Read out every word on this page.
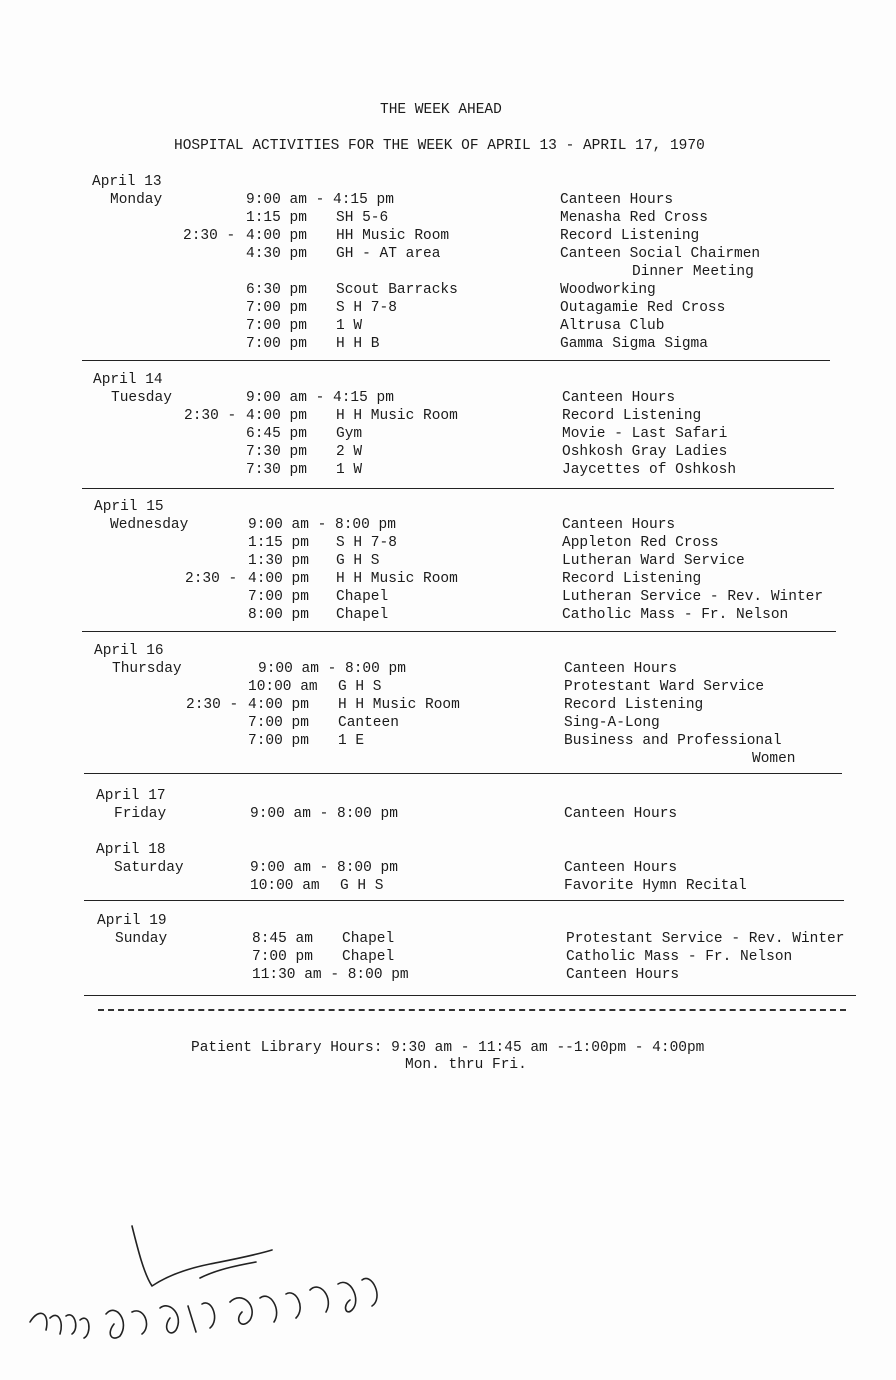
THE WEEK AHEAD
HOSPITAL ACTIVITIES FOR THE WEEK OF APRIL 13 - APRIL 17, 1970
April 13
Monday	9:00 am - 4:15 pm	Canteen Hours
1:15 pm SH 5-6	Menasha Red Cross
2:30 - 4:00 pm HH Music Room	Record Listening
4:30 pm GH - AT area	Canteen Social Chairmen
Dinner Meeting
6:30 pm Scout Barracks	Woodworking
7:00 pm S H 7-8	Outagamie Red Cross
7:00 pm 1 W	Altrusa Club
7:00 pm H H B	Gamma Sigma Sigma
April 14
Tuesday	9:00 am - 4:15 pm	Canteen Hours
2:30 - 4:00 pm H H Music Room	Record Listening
6:45 pm Gym	Movie - Last Safari
7:30 pm 2 W	Oshkosh Gray Ladies
7:30 pm 1 W	Jaycettes of Oshkosh
April 15
Wednesday	9:00 am - 8:00 pm	Canteen Hours
1:15 pm S H 7-8	Appleton Red Cross
1:30 pm G H S	Lutheran Ward Service
2:30 - 4:00 pm H H Music Room	Record Listening
7:00 pm Chapel	Lutheran Service - Rev. Winter
8:00 pm Chapel	Catholic Mass - Fr. Nelson
April 16
Thursday	9:00 am - 8:00 pm	Canteen Hours
10:00 am G H S	Protestant Ward Service
2:30 - 4:00 pm H H Music Room	Record Listening
7:00 pm Canteen	Sing-A-Long
7:00 pm 1 E	Business and Professional
Women
April 17
Friday	9:00 am - 8:00 pm	Canteen Hours
April 18
Saturday	9:00 am - 8:00 pm	Canteen Hours
10:00 am G H S	Favorite Hymn Recital
April 19
Sunday	8:45 am Chapel	Protestant Service - Rev. Winter
7:00 pm Chapel	Catholic Mass - Fr. Nelson
11:30 am - 8:00 pm	Canteen Hours
Patient Library Hours: 9:30 am - 11:45 am --1:00pm - 4:00pm
Mon. thru Fri.
